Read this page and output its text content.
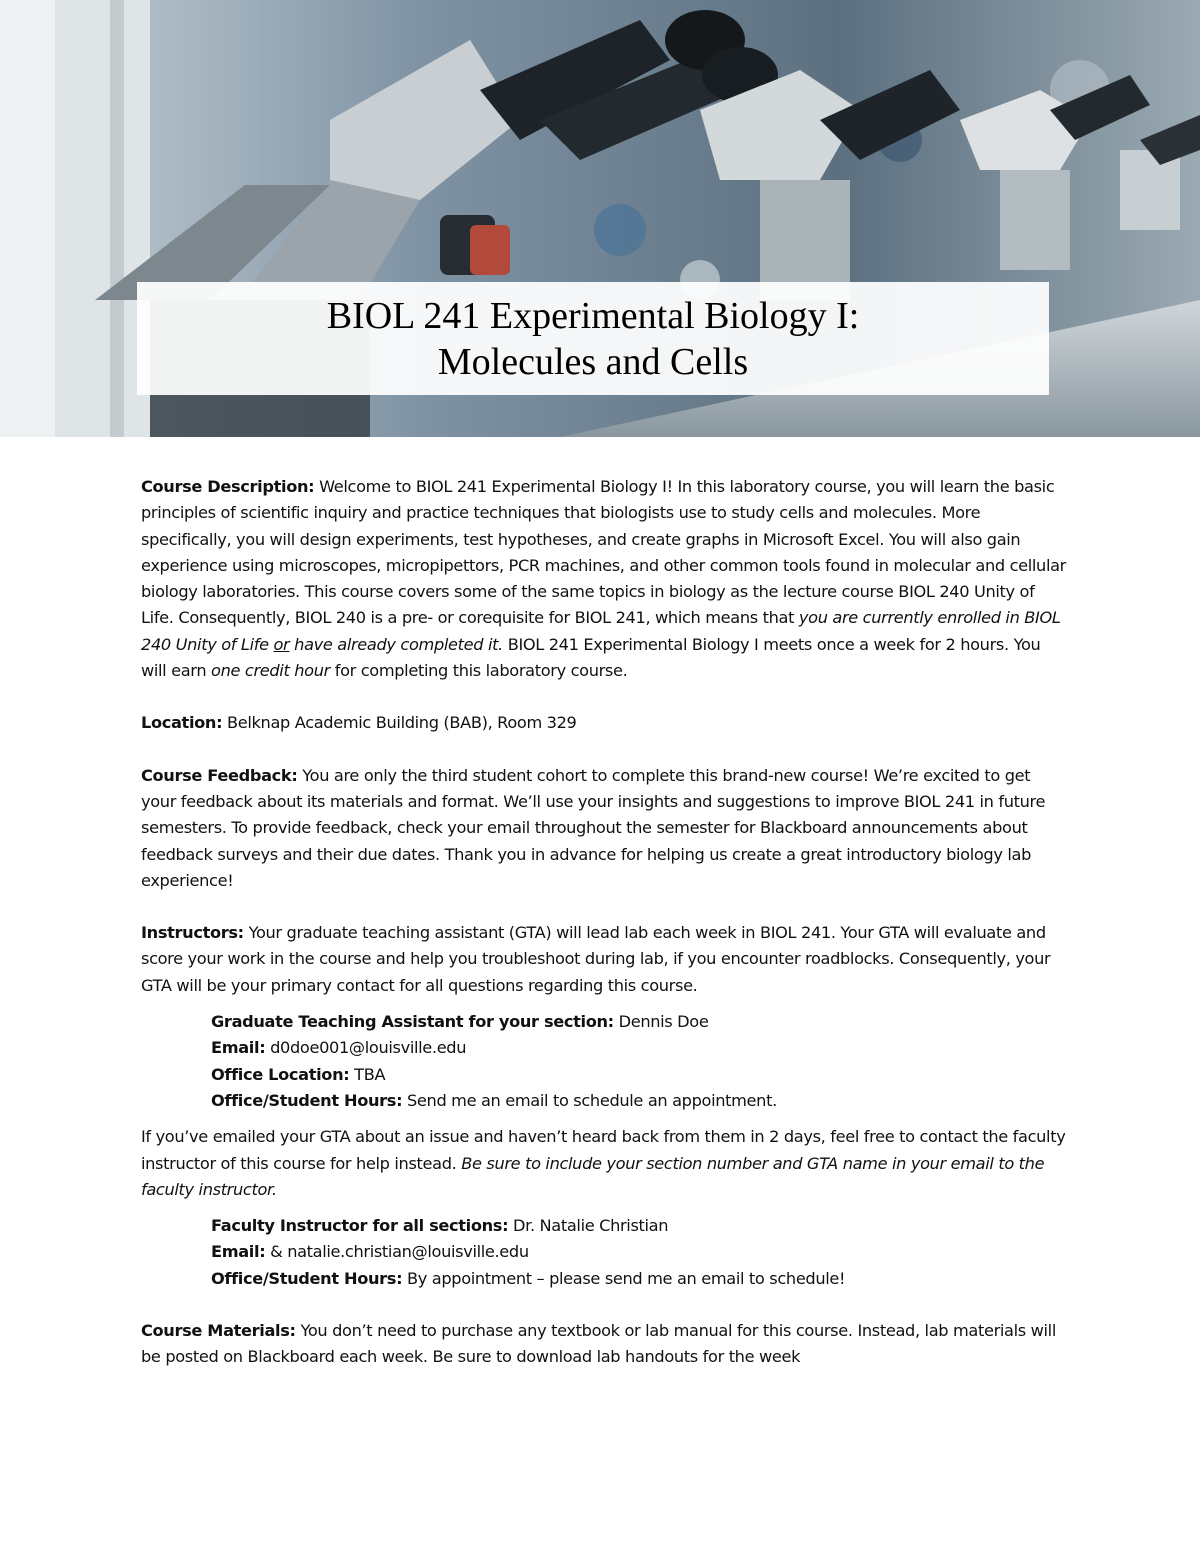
BIOL 241 Experimental Biology I:
Molecules and Cells

Course Description: Welcome to BIOL 241 Experimental Biology I! In this laboratory course, you will learn the basic principles of scientific inquiry and practice techniques that biologists use to study cells and molecules. More specifically, you will design experiments, test hypotheses, and create graphs in Microsoft Excel. You will also gain experience using microscopes, micropipettors, PCR machines, and other common tools found in molecular and cellular biology laboratories. This course covers some of the same topics in biology as the lecture course BIOL 240 Unity of Life. Consequently, BIOL 240 is a pre- or corequisite for BIOL 241, which means that you are currently enrolled in BIOL 240 Unity of Life or have already completed it. BIOL 241 Experimental Biology I meets once a week for 2 hours. You will earn one credit hour for completing this laboratory course.

Location: Belknap Academic Building (BAB), Room 329

Course Feedback: You are only the third student cohort to complete this brand-new course! We’re excited to get your feedback about its materials and format. We’ll use your insights and suggestions to improve BIOL 241 in future semesters. To provide feedback, check your email throughout the semester for Blackboard announcements about feedback surveys and their due dates. Thank you in advance for helping us create a great introductory biology lab experience!

Instructors: Your graduate teaching assistant (GTA) will lead lab each week in BIOL 241. Your GTA will evaluate and score your work in the course and help you troubleshoot during lab, if you encounter roadblocks. Consequently, your GTA will be your primary contact for all questions regarding this course.

Graduate Teaching Assistant for your section: Dennis Doe
Email: d0doe001@louisville.edu
Office Location: TBA
Office/Student Hours: Send me an email to schedule an appointment.

If you’ve emailed your GTA about an issue and haven’t heard back from them in 2 days, feel free to contact the faculty instructor of this course for help instead. Be sure to include your section number and GTA name in your email to the faculty instructor.

Faculty Instructor for all sections: Dr. Natalie Christian
Email: & natalie.christian@louisville.edu
Office/Student Hours: By appointment – please send me an email to schedule!

Course Materials: You don’t need to purchase any textbook or lab manual for this course. Instead, lab materials will be posted on Blackboard each week. Be sure to download lab handouts for the week
